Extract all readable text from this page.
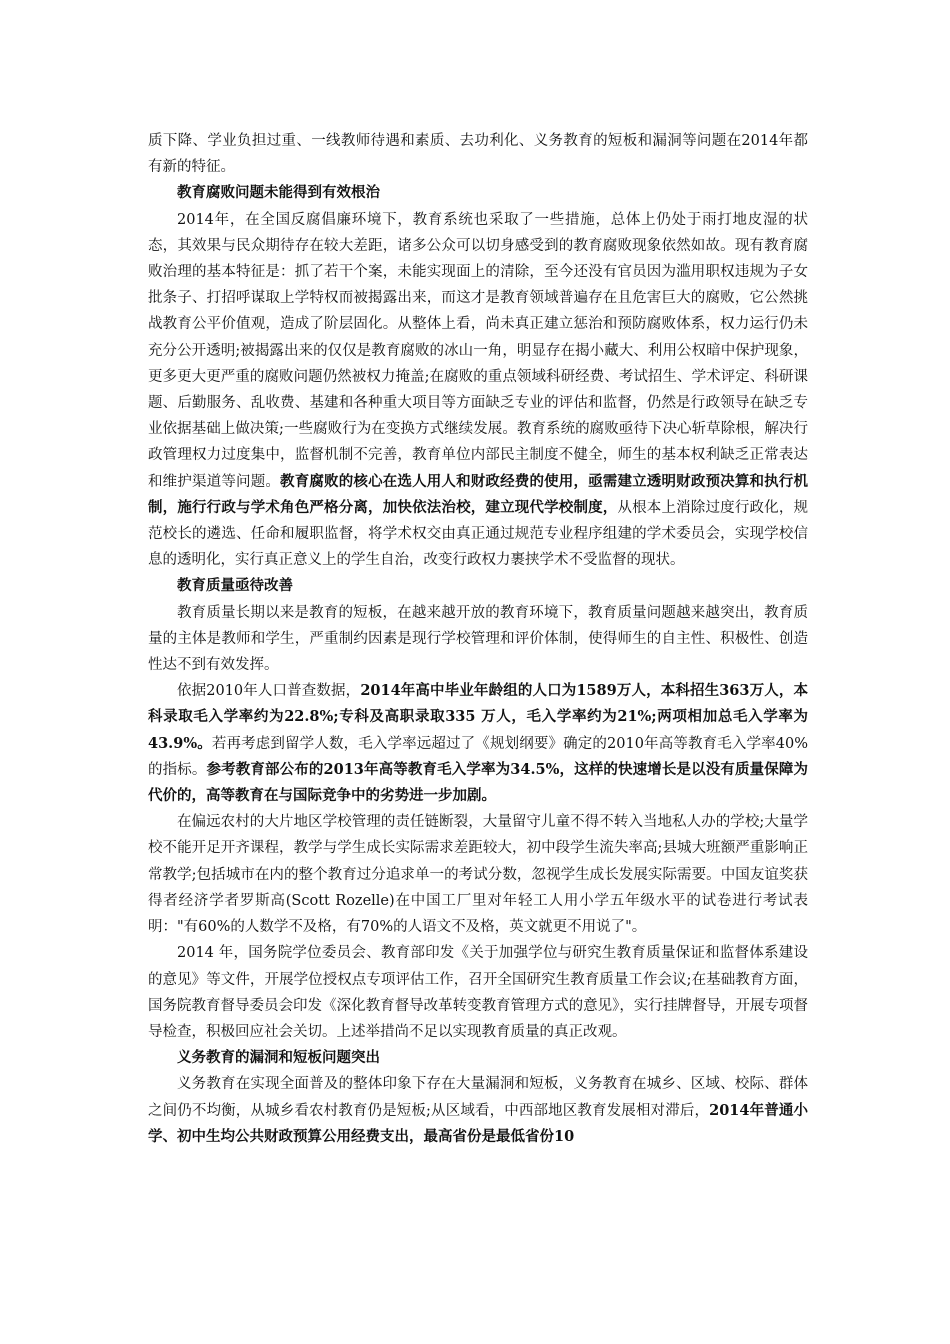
质下降、学业负担过重、一线教师待遇和素质、去功利化、义务教育的短板和漏洞等问题在2014年都有新的特征。

教育腐败问题未能得到有效根治

2014年，在全国反腐倡廉环境下，教育系统也采取了一些措施，总体上仍处于雨打地皮湿的状态，其效果与民众期待存在较大差距，诸多公众可以切身感受到的教育腐败现象依然如故。现有教育腐败治理的基本特征是：抓了若干个案，未能实现面上的清除，至今还没有官员因为滥用职权违规为子女批条子、打招呼谋取上学特权而被揭露出来，而这才是教育领域普遍存在且危害巨大的腐败，它公然挑战教育公平价值观，造成了阶层固化。从整体上看，尚未真正建立惩治和预防腐败体系，权力运行仍未充分公开透明;被揭露出来的仅仅是教育腐败的冰山一角，明显存在揭小藏大、利用公权暗中保护现象，更多更大更严重的腐败问题仍然被权力掩盖;在腐败的重点领域科研经费、考试招生、学术评定、科研课题、后勤服务、乱收费、基建和各种重大项目等方面缺乏专业的评估和监督，仍然是行政领导在缺乏专业依据基础上做决策;一些腐败行为在变换方式继续发展。教育系统的腐败亟待下决心斩草除根，解决行政管理权力过度集中，监督机制不完善，教育单位内部民主制度不健全，师生的基本权利缺乏正常表达和维护渠道等问题。教育腐败的核心在选人用人和财政经费的使用，亟需建立透明财政预决算和执行机制，施行行政与学术角色严格分离，加快依法治校，建立现代学校制度，从根本上消除过度行政化，规范校长的遴选、任命和履职监督，将学术权交由真正通过规范专业程序组建的学术委员会，实现学校信息的透明化，实行真正意义上的学生自治，改变行政权力裹挟学术不受监督的现状。

教育质量亟待改善

教育质量长期以来是教育的短板，在越来越开放的教育环境下，教育质量问题越来越突出，教育质量的主体是教师和学生，严重制约因素是现行学校管理和评价体制，使得师生的自主性、积极性、创造性达不到有效发挥。

依据2010年人口普查数据，2014年高中毕业年龄组的人口为1589万人，本科招生363万人，本科录取毛入学率约为22.8%;专科及高职录取335 万人，毛入学率约为21%;两项相加总毛入学率为43.9%。若再考虑到留学人数，毛入学率远超过了《规划纲要》确定的2010年高等教育毛入学率40% 的指标。参考教育部公布的2013年高等教育毛入学率为34.5%，这样的快速增长是以没有质量保障为代价的，高等教育在与国际竞争中的劣势进一步加剧。

在偏远农村的大片地区学校管理的责任链断裂，大量留守儿童不得不转入当地私人办的学校;大量学校不能开足开齐课程，教学与学生成长实际需求差距较大，初中段学生流失率高;县城大班额严重影响正常教学;包括城市在内的整个教育过分追求单一的考试分数，忽视学生成长发展实际需要。中国友谊奖获得者经济学者罗斯高(Scott Rozelle)在中国工厂里对年轻工人用小学五年级水平的试卷进行考试表明："有60%的人数学不及格，有70%的人语文不及格，英文就更不用说了"。

2014 年，国务院学位委员会、教育部印发《关于加强学位与研究生教育质量保证和监督体系建设的意见》等文件，开展学位授权点专项评估工作，召开全国研究生教育质量工作会议;在基础教育方面，国务院教育督导委员会印发《深化教育督导改革转变教育管理方式的意见》，实行挂牌督导，开展专项督导检查，积极回应社会关切。上述举措尚不足以实现教育质量的真正改观。

义务教育的漏洞和短板问题突出

义务教育在实现全面普及的整体印象下存在大量漏洞和短板，义务教育在城乡、区域、校际、群体之间仍不均衡，从城乡看农村教育仍是短板;从区域看，中西部地区教育发展相对滞后，2014年普通小学、初中生均公共财政预算公用经费支出，最高省份是最低省份10
